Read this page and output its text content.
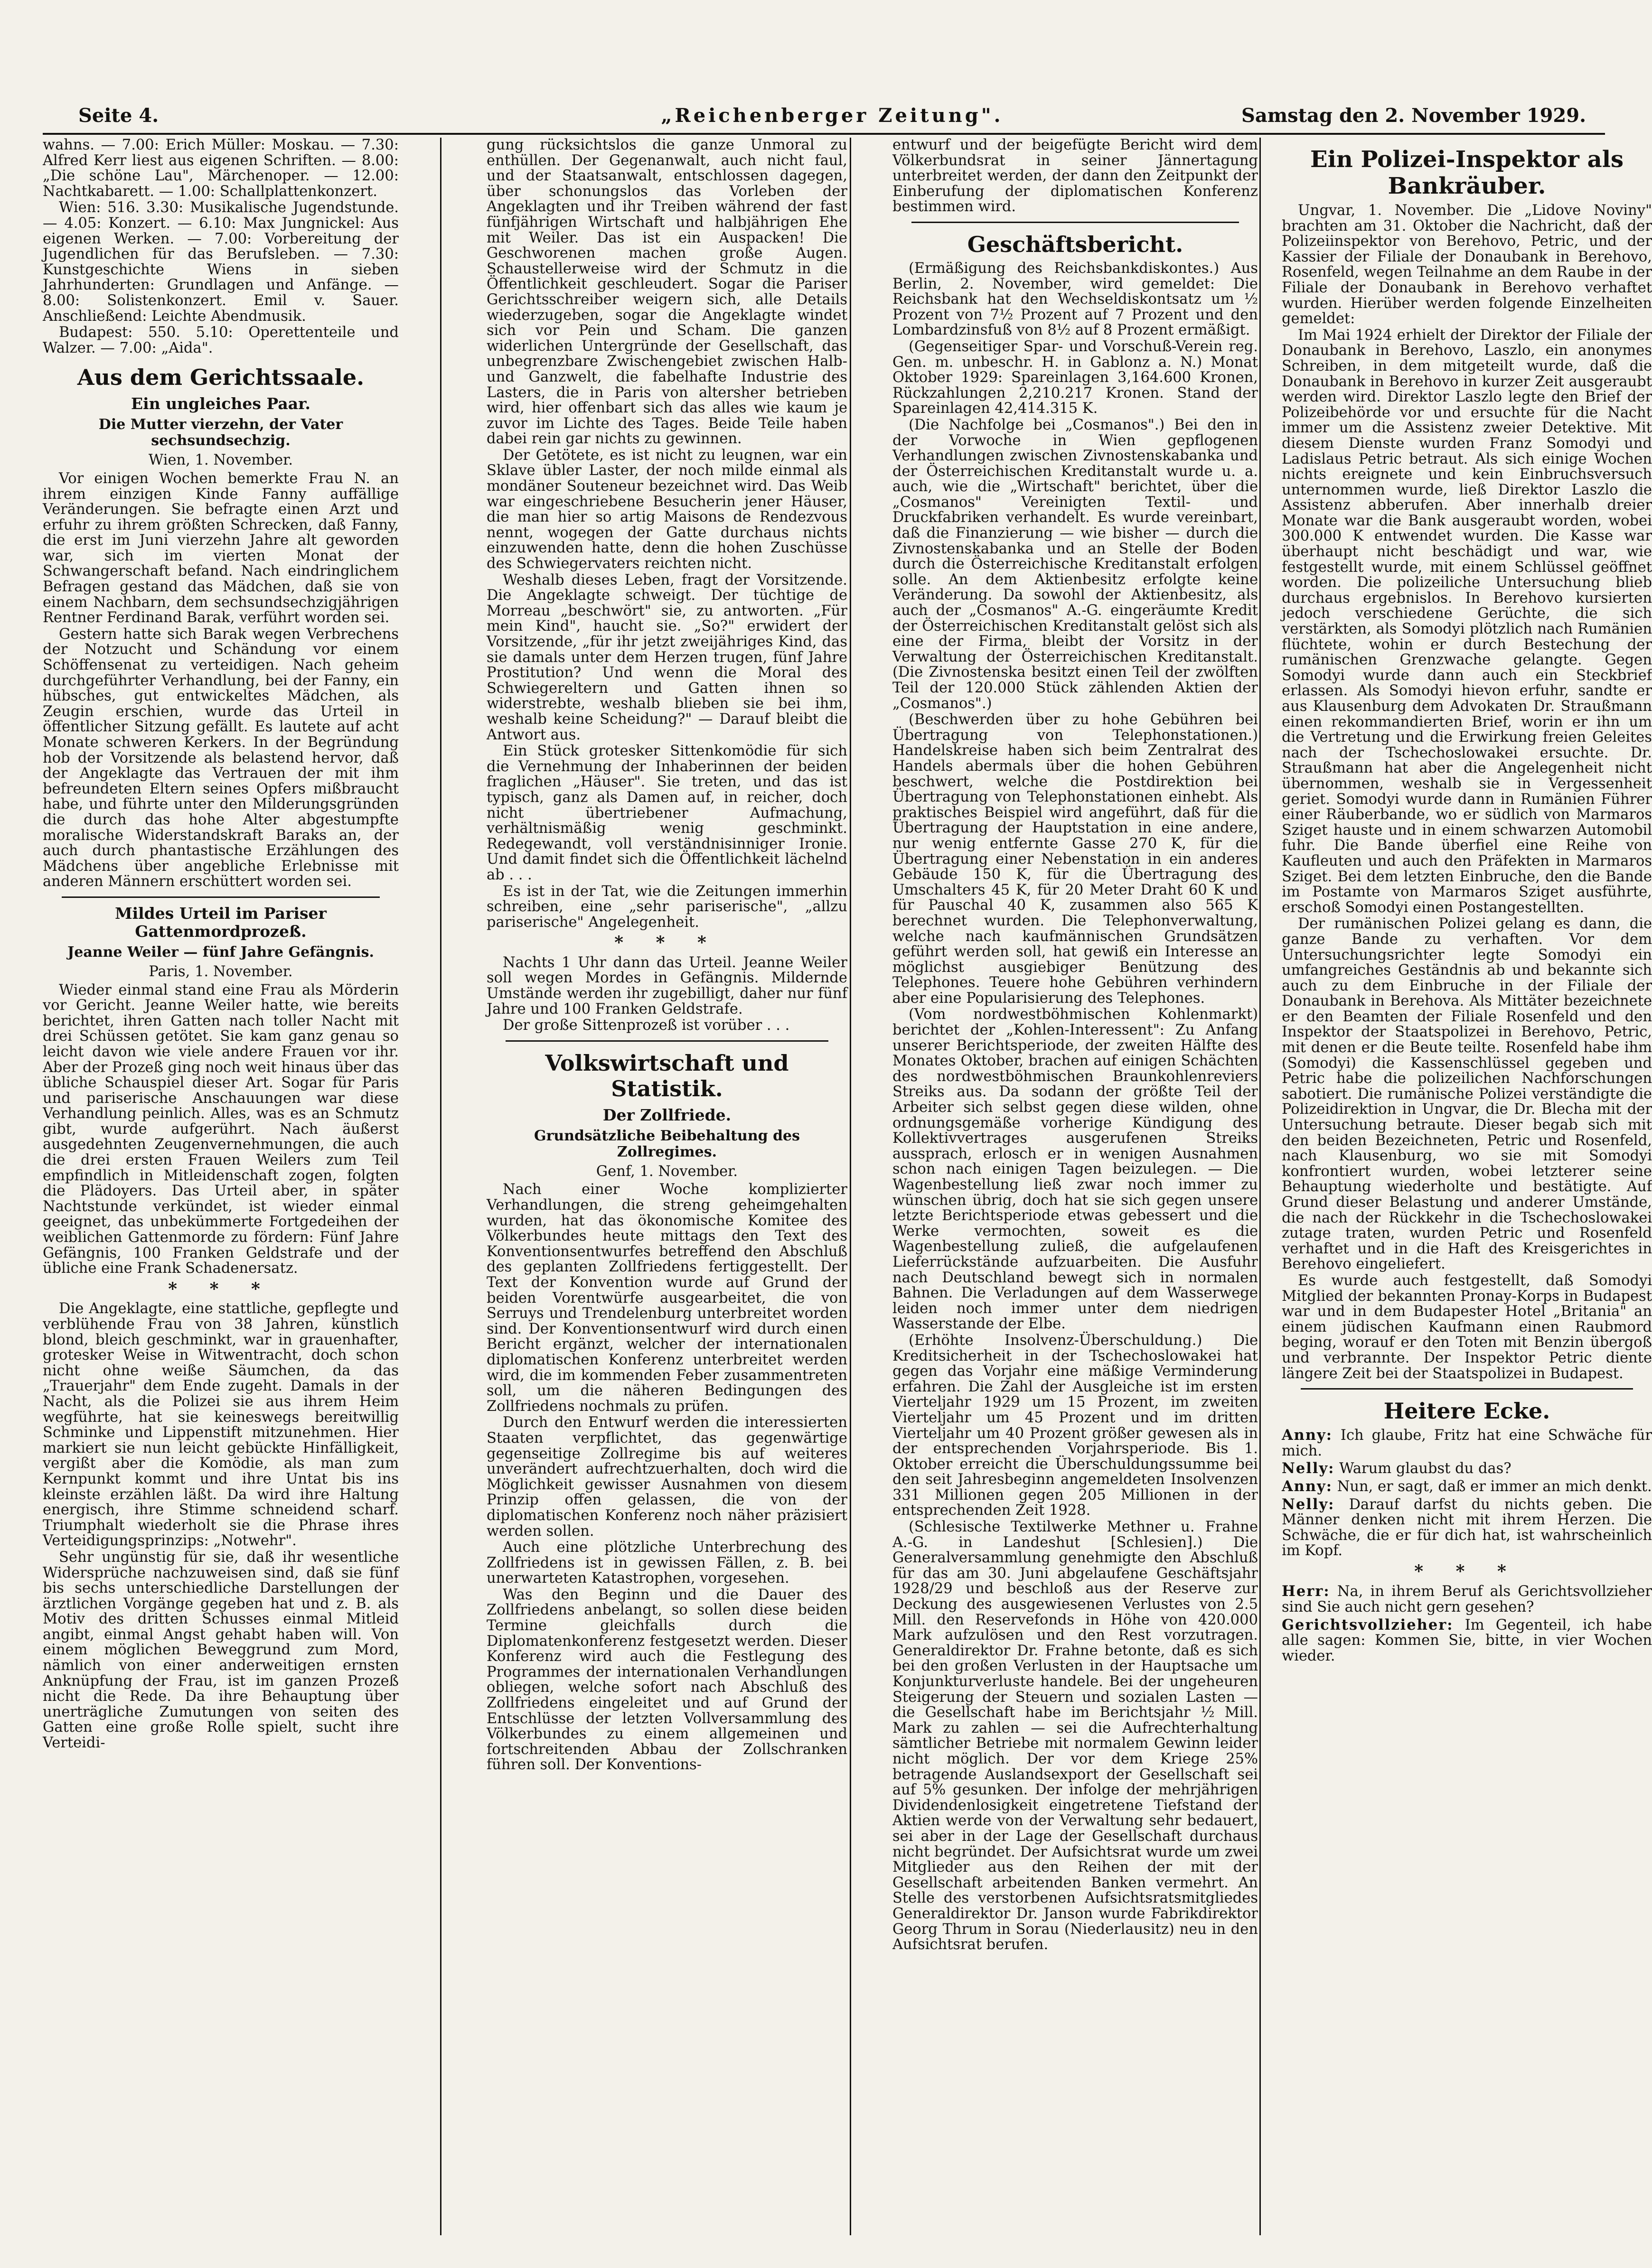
Seite 4.	„Reichenberger Zeitung".	Samstag den 2. November 1929.

wahns. — 7.00: Erich Müller: Moskau. — 7.30: Alfred Kerr liest aus eigenen Schriften. — 8.00: „Die schöne Lau", Märchenoper. — 12.00: Nachtkabarett. — 1.00: Schallplattenkonzert.

Wien: 516. 3.30: Musikalische Jugendstunde. — 4.05: Konzert. — 6.10: Max Jungnickel: Aus eigenen Werken. — 7.00: Vorbereitung der Jugendlichen für das Berufsleben. — 7.30: Kunstgeschichte Wiens in sieben Jahrhunderten: Grundlagen und Anfänge. — 8.00: Solistenkonzert. Emil v. Sauer. Anschließend: Leichte Abendmusik.

Budapest: 550. 5.10: Operettenteile und Walzer. — 7.00: „Aida".

Aus dem Gerichtssaale.
Ein ungleiches Paar.
Die Mutter vierzehn, der Vater sechsundsechzig.

Wien, 1. November.

Vor einigen Wochen bemerkte Frau N. an ihrem einzigen Kinde Fanny auffällige Veränderungen. Sie befragte einen Arzt und erfuhr zu ihrem größten Schrecken, daß Fanny, die erst im Juni vierzehn Jahre alt geworden war, sich im vierten Monat der Schwangerschaft befand. Nach eindringlichem Befragen gestand das Mädchen, daß sie von einem Nachbarn, dem sechsundsechzigjährigen Rentner Ferdinand Barak, verführt worden sei.

Gestern hatte sich Barak wegen Verbrechens der Notzucht und Schändung vor einem Schöffensenat zu verteidigen. Nach geheim durchgeführter Verhandlung, bei der Fanny, ein hübsches, gut entwickeltes Mädchen, als Zeugin erschien, wurde das Urteil in öffentlicher Sitzung gefällt. Es lautete auf acht Monate schweren Kerkers. In der Begründung hob der Vorsitzende als belastend hervor, daß der Angeklagte das Vertrauen der mit ihm befreundeten Eltern seines Opfers mißbraucht habe, und führte unter den Milderungsgründen die durch das hohe Alter abgestumpfte moralische Widerstandskraft Baraks an, der auch durch phantastische Erzählungen des Mädchens über angebliche Erlebnisse mit anderen Männern erschüttert worden sei.

Mildes Urteil im Pariser Gattenmordprozeß.
Jeanne Weiler — fünf Jahre Gefängnis.

Paris, 1. November.

Wieder einmal stand eine Frau als Mörderin vor Gericht. Jeanne Weiler hatte, wie bereits berichtet, ihren Gatten nach toller Nacht mit drei Schüssen getötet. Sie kam ganz genau so leicht davon wie viele andere Frauen vor ihr. Aber der Prozeß ging noch weit hinaus über das übliche Schauspiel dieser Art. Sogar für Paris und pariserische Anschauungen war diese Verhandlung peinlich. Alles, was es an Schmutz gibt, wurde aufgerührt. Nach äußerst ausgedehnten Zeugenvernehmungen, die auch die drei ersten Frauen Weilers zum Teil empfindlich in Mitleidenschaft zogen, folgten die Plädoyers. Das Urteil aber, in später Nachtstunde verkündet, ist wieder einmal geeignet, das unbekümmerte Fortgedeihen der weiblichen Gattenmorde zu fördern: Fünf Jahre Gefängnis, 100 Franken Geldstrafe und der übliche eine Frank Schadenersatz.

* * *

Die Angeklagte, eine stattliche, gepflegte und verblühende Frau von 38 Jahren, künstlich blond, bleich geschminkt, war in grauenhafter, grotesker Weise in Witwentracht, doch schon nicht ohne weiße Säumchen, da das „Trauerjahr" dem Ende zugeht. Damals in der Nacht, als die Polizei sie aus ihrem Heim wegführte, hat sie keineswegs bereitwillig Schminke und Lippenstift mitzunehmen. Hier markiert sie nun leicht gebückte Hinfälligkeit, vergißt aber die Komödie, als man zum Kernpunkt kommt und ihre Untat bis ins kleinste erzählen läßt. Da wird ihre Haltung energisch, ihre Stimme schneidend scharf. Triumphalt wiederholt sie die Phrase ihres Verteidigungsprinzips: „Notwehr".

Sehr ungünstig für sie, daß ihr wesentliche Widersprüche nachzuweisen sind, daß sie fünf bis sechs unterschiedliche Darstellungen der ärztlichen Vorgänge gegeben hat und z. B. als Motiv des dritten Schusses einmal Mitleid angibt, einmal Angst gehabt haben will. Von einem möglichen Beweggrund zum Mord, nämlich von einer anderweitigen ernsten Anknüpfung der Frau, ist im ganzen Prozeß nicht die Rede. Da ihre Behauptung über unerträgliche Zumutungen von seiten des Gatten eine große Rolle spielt, sucht ihre Verteidi-

gung rücksichtslos die ganze Unmoral zu enthüllen. Der Gegenanwalt, auch nicht faul, und der Staatsanwalt, entschlossen dagegen, über schonungslos das Vorleben der Angeklagten und ihr Treiben während der fast fünfjährigen Wirtschaft und halbjährigen Ehe mit Weiler. Das ist ein Auspacken! Die Geschworenen machen große Augen. Schaustellerweise wird der Schmutz in die Öffentlichkeit geschleudert. Sogar die Pariser Gerichtsschreiber weigern sich, alle Details wiederzugeben, sogar die Angeklagte windet sich vor Pein und Scham. Die ganzen widerlichen Untergründe der Gesellschaft, das unbegrenzbare Zwischengebiet zwischen Halb- und Ganzwelt, die fabelhafte Industrie des Lasters, die in Paris von altersher betrieben wird, hier offenbart sich das alles wie kaum je zuvor im Lichte des Tages. Beide Teile haben dabei rein gar nichts zu gewinnen.

Der Getötete, es ist nicht zu leugnen, war ein Sklave übler Laster, der noch milde einmal als mondäner Souteneur bezeichnet wird. Das Weib war eingeschriebene Besucherin jener Häuser, die man hier so artig Maisons de Rendezvous nennt, wogegen der Gatte durchaus nichts einzuwenden hatte, denn die hohen Zuschüsse des Schwiegervaters reichten nicht.

Weshalb dieses Leben, fragt der Vorsitzende. Die Angeklagte schweigt. Der tüchtige de Morreau „beschwört" sie, zu antworten. „Für mein Kind", haucht sie. „So?" erwidert der Vorsitzende, „für ihr jetzt zweijähriges Kind, das sie damals unter dem Herzen trugen, fünf Jahre Prostitution? Und wenn die Moral des Schwiegereltern und Gatten ihnen so widerstrebte, weshalb blieben sie bei ihm, weshalb keine Scheidung?" — Darauf bleibt die Antwort aus.

Ein Stück grotesker Sittenkomödie für sich die Vernehmung der Inhaberinnen der beiden fraglichen „Häuser". Sie treten, und das ist typisch, ganz als Damen auf, in reicher, doch nicht übertriebener Aufmachung, verhältnismäßig wenig geschminkt. Redegewandt, voll verständnisinniger Ironie. Und damit findet sich die Öffentlichkeit lächelnd ab . . .

Es ist in der Tat, wie die Zeitungen immerhin schreiben, eine „sehr pariserische", „allzu pariserische" Angelegenheit.

* * *

Nachts 1 Uhr dann das Urteil. Jeanne Weiler soll wegen Mordes in Gefängnis. Mildernde Umstände werden ihr zugebilligt, daher nur fünf Jahre und 100 Franken Geldstrafe.

Der große Sittenprozeß ist vorüber . . .

Volkswirtschaft und Statistik.
Der Zollfriede.
Grundsätzliche Beibehaltung des Zollregimes.

Genf, 1. November.

Nach einer Woche komplizierter Verhandlungen, die streng geheimgehalten wurden, hat das ökonomische Komitee des Völkerbundes heute mittags den Text des Konventionsentwurfes betreffend den Abschluß des geplanten Zollfriedens fertiggestellt. Der Text der Konvention wurde auf Grund der beiden Vorentwürfe ausgearbeitet, die von Serruys und Trendelenburg unterbreitet worden sind. Der Konventionsentwurf wird durch einen Bericht ergänzt, welcher der internationalen diplomatischen Konferenz unterbreitet werden wird, die im kommenden Feber zusammentreten soll, um die näheren Bedingungen des Zollfriedens nochmals zu prüfen.

Durch den Entwurf werden die interessierten Staaten verpflichtet, das gegenwärtige gegenseitige Zollregime bis auf weiteres unverändert aufrechtzuerhalten, doch wird die Möglichkeit gewisser Ausnahmen von diesem Prinzip offen gelassen, die von der diplomatischen Konferenz noch näher präzisiert werden sollen.

Auch eine plötzliche Unterbrechung des Zollfriedens ist in gewissen Fällen, z. B. bei unerwarteten Katastrophen, vorgesehen.

Was den Beginn und die Dauer des Zollfriedens anbelangt, so sollen diese beiden Termine gleichfalls durch die Diplomatenkonferenz festgesetzt werden. Dieser Konferenz wird auch die Festlegung des Programmes der internationalen Verhandlungen obliegen, welche sofort nach Abschluß des Zollfriedens eingeleitet und auf Grund der Entschlüsse der letzten Vollversammlung des Völkerbundes zu einem allgemeinen und fortschreitenden Abbau der Zollschranken führen soll. Der Konventions-

entwurf und der beigefügte Bericht wird dem Völkerbundsrat in seiner Jännertagung unterbreitet werden, der dann den Zeitpunkt der Einberufung der diplomatischen Konferenz bestimmen wird.

Geschäftsbericht.

(Ermäßigung des Reichsbankdiskontes.) Aus Berlin, 2. November, wird gemeldet: Die Reichsbank hat den Wechseldiskontsatz um ½ Prozent von 7½ Prozent auf 7 Prozent und den Lombardzinsfuß von 8½ auf 8 Prozent ermäßigt.

(Gegenseitiger Spar- und Vorschuß-Verein reg. Gen. m. unbeschr. H. in Gablonz a. N.) Monat Oktober 1929: Spareinlagen 3,164.600 Kronen, Rückzahlungen 2,210.217 Kronen. Stand der Spareinlagen 42,414.315 K.

(Die Nachfolge bei „Cosmanos".) Bei den in der Vorwoche in Wien gepflogenen Verhandlungen zwischen Zivnostenskabanka und der Österreichischen Kreditanstalt wurde u. a. auch, wie die „Wirtschaft" berichtet, über die „Cosmanos" Vereinigten Textil- und Druckfabriken verhandelt. Es wurde vereinbart, daß die Finanzierung — wie bisher — durch die Zivnostenskabanka und an Stelle der Boden durch die Österreichische Kreditanstalt erfolgen solle. An dem Aktienbesitz erfolgte keine Veränderung. Da sowohl der Aktienbesitz, als auch der „Cosmanos" A.-G. eingeräumte Kredit der Österreichischen Kreditanstalt gelöst sich als eine der Firma, bleibt der Vorsitz in der Verwaltung der Österreichischen Kreditanstalt. (Die Zivnostenska besitzt einen Teil der zwölften Teil der 120.000 Stück zählenden Aktien der „Cosmanos".)

(Beschwerden über zu hohe Gebühren bei Übertragung von Telephonstationen.) Handelskreise haben sich beim Zentralrat des Handels abermals über die hohen Gebühren beschwert, welche die Postdirektion bei Übertragung von Telephonstationen einhebt. Als praktisches Beispiel wird angeführt, daß für die Übertragung der Hauptstation in eine andere, nur wenig entfernte Gasse 270 K, für die Übertragung einer Nebenstation in ein anderes Gebäude 150 K, für die Übertragung des Umschalters 45 K, für 20 Meter Draht 60 K und für Pauschal 40 K, zusammen also 565 K berechnet wurden. Die Telephonverwaltung, welche nach kaufmännischen Grundsätzen geführt werden soll, hat gewiß ein Interesse an möglichst ausgiebiger Benützung des Telephones. Teuere hohe Gebühren verhindern aber eine Popularisierung des Telephones.

(Vom nordwestböhmischen Kohlenmarkt) berichtet der „Kohlen-Interessent": Zu Anfang unserer Berichtsperiode, der zweiten Hälfte des Monates Oktober, brachen auf einigen Schächten des nordwestböhmischen Braunkohlenreviers Streiks aus. Da sodann der größte Teil der Arbeiter sich selbst gegen diese wilden, ohne ordnungsgemäße vorherige Kündigung des Kollektivvertrages ausgerufenen Streiks aussprach, erlosch er in wenigen Ausnahmen schon nach einigen Tagen beizulegen. — Die Wagenbestellung ließ zwar noch immer zu wünschen übrig, doch hat sie sich gegen unsere letzte Berichtsperiode etwas gebessert und die Werke vermochten, soweit es die Wagenbestellung zuließ, die aufgelaufenen Lieferrückstände aufzuarbeiten. Die Ausfuhr nach Deutschland bewegt sich in normalen Bahnen. Die Verladungen auf dem Wasserwege leiden noch immer unter dem niedrigen Wasserstande der Elbe.

(Erhöhte Insolvenz-Überschuldung.) Die Kreditsicherheit in der Tschechoslowakei hat gegen das Vorjahr eine mäßige Verminderung erfahren. Die Zahl der Ausgleiche ist im ersten Vierteljahr 1929 um 15 Prozent, im zweiten Vierteljahr um 45 Prozent und im dritten Vierteljahr um 40 Prozent größer gewesen als in der entsprechenden Vorjahrsperiode. Bis 1. Oktober erreicht die Überschuldungssumme bei den seit Jahresbeginn angemeldeten Insolvenzen 331 Millionen gegen 205 Millionen in der entsprechenden Zeit 1928.

(Schlesische Textilwerke Methner u. Frahne A.-G. in Landeshut [Schlesien].) Die Generalversammlung genehmigte den Abschluß für das am 30. Juni abgelaufene Geschäftsjahr 1928/29 und beschloß aus der Reserve zur Deckung des ausgewiesenen Verlustes von 2.5 Mill. den Reservefonds in Höhe von 420.000 Mark aufzulösen und den Rest vorzutragen. Generaldirektor Dr. Frahne betonte, daß es sich bei den großen Verlusten in der Hauptsache um Konjunkturverluste handele. Bei der ungeheuren Steigerung der Steuern und sozialen Lasten — die Gesellschaft habe im Berichtsjahr ½ Mill. Mark zu zahlen — sei die Aufrechterhaltung sämtlicher Betriebe mit normalem Gewinn leider nicht möglich. Der vor dem Kriege 25% betragende Auslandsexport der Gesellschaft sei auf 5% gesunken. Der infolge der mehrjährigen Dividendenlosigkeit eingetretene Tiefstand der Aktien werde von der Verwaltung sehr bedauert, sei aber in der Lage der Gesellschaft durchaus nicht begründet. Der Aufsichtsrat wurde um zwei Mitglieder aus den Reihen der mit der Gesellschaft arbeitenden Banken vermehrt. An Stelle des verstorbenen Aufsichtsratsmitgliedes Generaldirektor Dr. Janson wurde Fabrikdirektor Georg Thrum in Sorau (Niederlausitz) neu in den Aufsichtsrat berufen.

Ein Polizei-Inspektor als Bankräuber.

Ungvar, 1. November. Die „Lidove Noviny" brachten am 31. Oktober die Nachricht, daß der Polizeiinspektor von Berehovo, Petric, und der Kassier der Filiale der Donaubank in Berehovo, Rosenfeld, wegen Teilnahme an dem Raube in der Filiale der Donaubank in Berehovo verhaftet wurden. Hierüber werden folgende Einzelheiten gemeldet:

Im Mai 1924 erhielt der Direktor der Filiale der Donaubank in Berehovo, Laszlo, ein anonymes Schreiben, in dem mitgeteilt wurde, daß die Donaubank in Berehovo in kurzer Zeit ausgeraubt werden wird. Direktor Laszlo legte den Brief der Polizeibehörde vor und ersuchte für die Nacht immer um die Assistenz zweier Detektive. Mit diesem Dienste wurden Franz Somodyi und Ladislaus Petric betraut. Als sich einige Wochen nichts ereignete und kein Einbruchsversuch unternommen wurde, ließ Direktor Laszlo die Assistenz abberufen. Aber innerhalb dreier Monate war die Bank ausgeraubt worden, wobei 300.000 K entwendet wurden. Die Kasse war überhaupt nicht beschädigt und war, wie festgestellt wurde, mit einem Schlüssel geöffnet worden. Die polizeiliche Untersuchung blieb durchaus ergebnislos. In Berehovo kursierten jedoch verschiedene Gerüchte, die sich verstärkten, als Somodyi plötzlich nach Rumänien flüchtete, wohin er durch Bestechung der rumänischen Grenzwache gelangte. Gegen Somodyi wurde dann auch ein Steckbrief erlassen. Als Somodyi hievon erfuhr, sandte er aus Klausenburg dem Advokaten Dr. Straußmann einen rekommandierten Brief, worin er ihn um die Vertretung und die Erwirkung freien Geleites nach der Tschechoslowakei ersuchte. Dr. Straußmann hat aber die Angelegenheit nicht übernommen, weshalb sie in Vergessenheit geriet. Somodyi wurde dann in Rumänien Führer einer Räuberbande, wo er südlich von Marmaros Sziget hauste und in einem schwarzen Automobil fuhr. Die Bande überfiel eine Reihe von Kaufleuten und auch den Präfekten in Marmaros Sziget. Bei dem letzten Einbruche, den die Bande im Postamte von Marmaros Sziget ausführte, erschoß Somodyi einen Postangestellten.

Der rumänischen Polizei gelang es dann, die ganze Bande zu verhaften. Vor dem Untersuchungsrichter legte Somodyi ein umfangreiches Geständnis ab und bekannte sich auch zu dem Einbruche in der Filiale der Donaubank in Berehova. Als Mittäter bezeichnete er den Beamten der Filiale Rosenfeld und den Inspektor der Staatspolizei in Berehovo, Petric, mit denen er die Beute teilte. Rosenfeld habe ihm (Somodyi) die Kassenschlüssel gegeben und Petric habe die polizeilichen Nachforschungen sabotiert. Die rumänische Polizei verständigte die Polizeidirektion in Ungvar, die Dr. Blecha mit der Untersuchung betraute. Dieser begab sich mit den beiden Bezeichneten, Petric und Rosenfeld, nach Klausenburg, wo sie mit Somodyi konfrontiert wurden, wobei letzterer seine Behauptung wiederholte und bestätigte. Auf Grund dieser Belastung und anderer Umstände, die nach der Rückkehr in die Tschechoslowakei zutage traten, wurden Petric und Rosenfeld verhaftet und in die Haft des Kreisgerichtes in Berehovo eingeliefert.

Es wurde auch festgestellt, daß Somodyi Mitglied der bekannten Pronay-Korps in Budapest war und in dem Budapester Hotel „Britania" an einem jüdischen Kaufmann einen Raubmord beging, worauf er den Toten mit Benzin übergoß und verbrannte. Der Inspektor Petric diente längere Zeit bei der Staatspolizei in Budapest.

Heitere Ecke.

Anny: Ich glaube, Fritz hat eine Schwäche für mich.

Nelly: Warum glaubst du das?

Anny: Nun, er sagt, daß er immer an mich denkt.

Nelly: Darauf darfst du nichts geben. Die Männer denken nicht mit ihrem Herzen. Die Schwäche, die er für dich hat, ist wahrscheinlich im Kopf.

* * *

Herr: Na, in ihrem Beruf als Gerichtsvollzieher sind Sie auch nicht gern gesehen?

Gerichtsvollzieher: Im Gegenteil, ich habe alle sagen: Kommen Sie, bitte, in vier Wochen wieder.
